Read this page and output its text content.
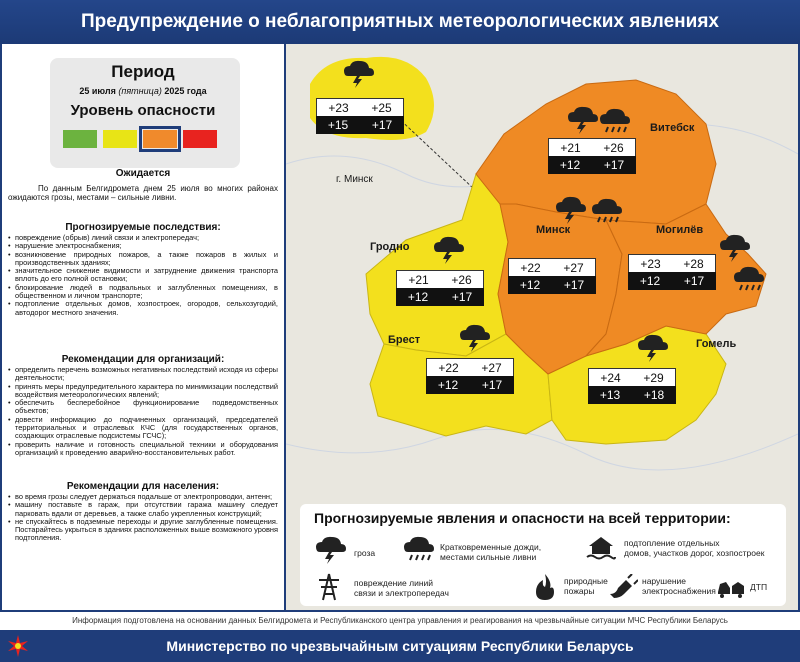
Предупреждение о неблагоприятных метеорологических явлениях
Период
25 июля (пятница) 2025 года
Уровень опасности
Ожидается
По данным Белгидромета днем 25 июля во многих районах ожидаются грозы, местами – сильные ливни.
Прогнозируемые последствия:
• повреждение (обрыв) линий связи и электропередач;
• нарушение электроснабжения;
• возникновение природных пожаров, а также пожаров в жилых и производственных зданиях;
• значительное снижение видимости и затруднение движения транспорта вплоть до его полной остановки;
• блокирование людей в подвальных и заглубленных помещениях, в общественном и личном транспорте;
• подтопление отдельных домов, хозпостроек, огородов, сельхозугодий, автодорог местного значения.
Рекомендации для организаций:
• определить перечень возможных негативных последствий исходя из сферы деятельности;
• принять меры предупредительного характера по минимизации последствий воздействия метеорологических явлений;
• обеспечить бесперебойное функционирование подведомственных объектов;
• довести информацию до подчиненных организаций, председателей территориальных и отраслевых КЧС (для государственных органов, создающих отраслевые подсистемы ГСЧС);
• проверить наличие и готовность специальной техники и оборудования организаций к проведению аварийно-восстановительных работ.
Рекомендации для населения:
• во время грозы следует держаться подальше от электропроводки, антенн;
• машину поставьте в гараж, при отсутствии гаража машину следует парковать вдали от деревьев, а также слабо укрепленных конструкций;
• не спускайтесь в подземные переходы и другие заглубленные помещения. Постарайтесь укрыться в зданиях расположенных выше возможного уровня подтопления.
г. Минск
Витебск
Гродно
Минск	Могилёв
Брест	Гомель
+23 +25
+15 +17
+21 +26
+12 +17
+21 +26
+12 +17
+22 +27
+12 +17
+23 +28
+12 +17
+22 +27
+12 +17
+24 +29
+13 +18
Прогнозируемые явления и опасности на всей территории:
гроза
Кратковременные дожди,
местами сильные ливни
подтопление отдельных
домов, участков дорог, хозпостроек
повреждение линий
связи и электропередач
природные
пожары
нарушение
электроснабжения	ДТП
Информация подготовлена на основании данных Белгидромета и Республиканского центра управления и реагирования на чрезвычайные ситуации МЧС Республики Беларусь
Министерство по чрезвычайным ситуациям Республики Беларусь
